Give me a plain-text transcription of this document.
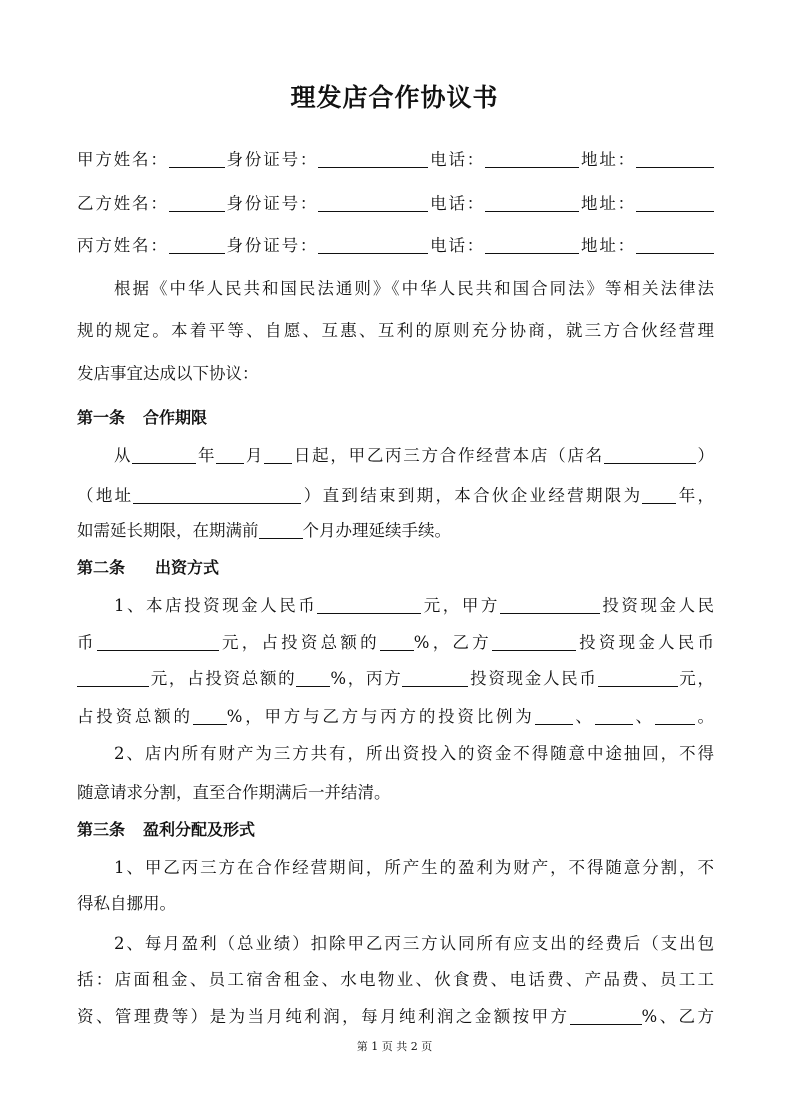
理发店合作协议书
甲方姓名：	身份证号：	电话：	地址：
乙方姓名：	身份证号：	电话：	地址：
丙方姓名：	身份证号：	电话：	地址：
根据《中华人民共和国民法通则》《中华人民共和国合同法》等相关法律法
规的规定。本着平等、自愿、互惠、互利的原则充分协商，就三方合伙经营理
发店事宜达成以下协议：
第一条 合作期限
从	年 月 日起，甲乙丙三方合作经营本店（店名	）
（地址	）直到结束到期，本合伙企业经营期限为 年，
如需延长期限，在期满前	个月办理延续手续。
第二条 出资方式
1、本店投资现金人民币	元，甲方	投资现金人民
币	元，占投资总额的 %，乙方	投资现金人民币
元，占投资总额的 %，丙方	投资现金人民币	元，
占投资总额的 %，甲方与乙方与丙方的投资比例为 、 、 。
2、店内所有财产为三方共有，所出资投入的资金不得随意中途抽回，不得
随意请求分割，直至合作期满后一并结清。
第三条 盈利分配及形式
1、甲乙丙三方在合作经营期间，所产生的盈利为财产，不得随意分割，不
得私自挪用。
2、每月盈利（总业绩）扣除甲乙丙三方认同所有应支出的经费后（支出包
括：店面租金、员工宿舍租金、水电物业、伙食费、电话费、产品费、员工工
资、管理费等）是为当月纯利润，每月纯利润之金额按甲方	%、乙方
第 1 页 共 2 页
